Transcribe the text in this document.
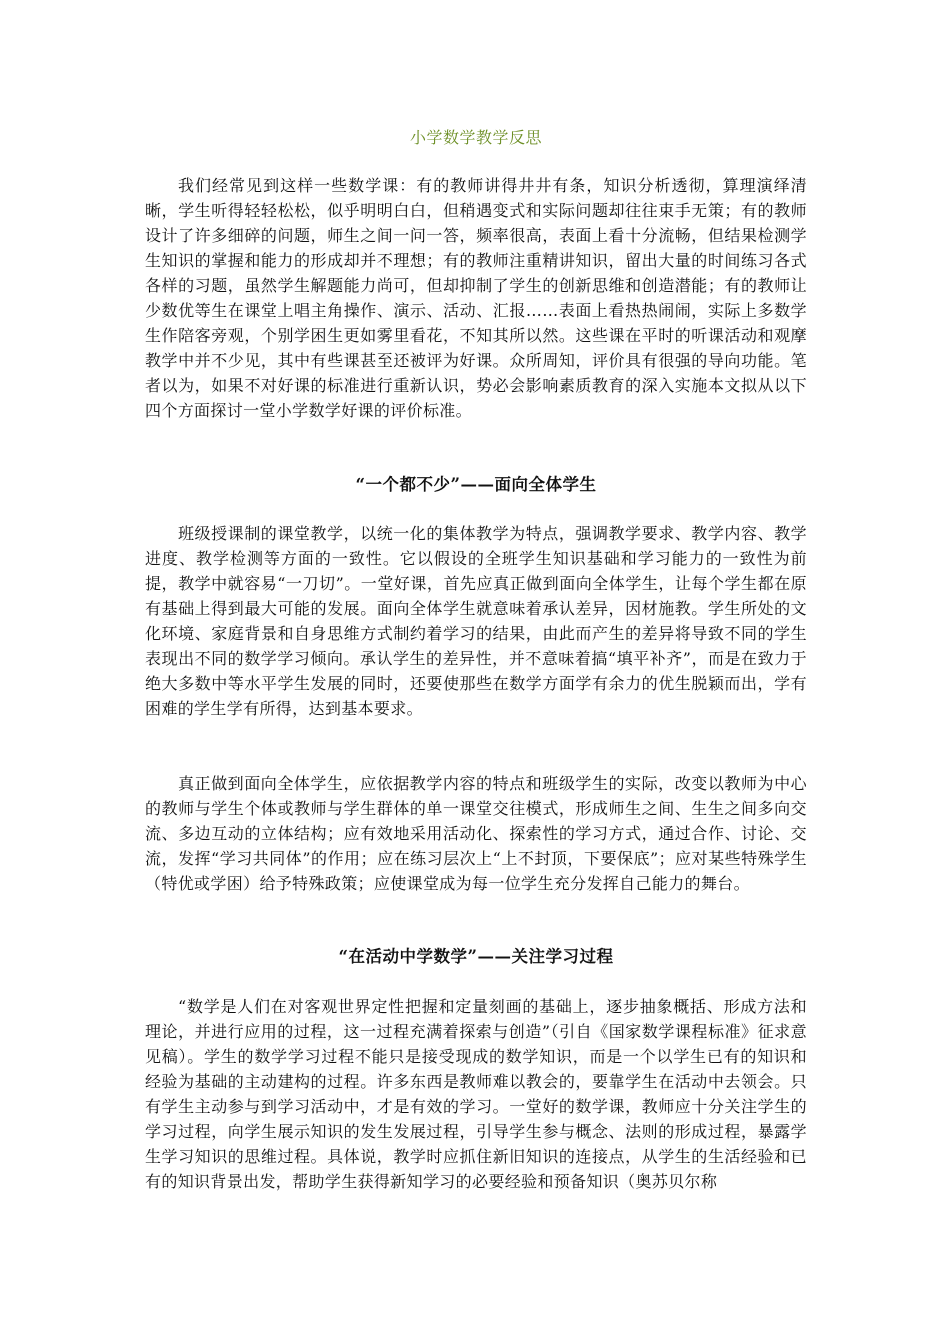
小学数学教学反思

我们经常见到这样一些数学课：有的教师讲得井井有条，知识分析透彻，算理演绎清晰，学生听得轻轻松松，似乎明明白白，但稍遇变式和实际问题却往往束手无策；有的教师设计了许多细碎的问题，师生之间一问一答，频率很高，表面上看十分流畅，但结果检测学生知识的掌握和能力的形成却并不理想；有的教师注重精讲知识，留出大量的时间练习各式各样的习题，虽然学生解题能力尚可，但却抑制了学生的创新思维和创造潜能；有的教师让少数优等生在课堂上唱主角操作、演示、活动、汇报……表面上看热热闹闹，实际上多数学生作陪客旁观，个别学困生更如雾里看花，不知其所以然。这些课在平时的听课活动和观摩教学中并不少见，其中有些课甚至还被评为好课。众所周知，评价具有很强的导向功能。笔者以为，如果不对好课的标准进行重新认识，势必会影响素质教育的深入实施本文拟从以下四个方面探讨一堂小学数学好课的评价标准。

“一个都不少”——面向全体学生

班级授课制的课堂教学，以统一化的集体教学为特点，强调教学要求、教学内容、教学进度、教学检测等方面的一致性。它以假设的全班学生知识基础和学习能力的一致性为前提，教学中就容易“一刀切”。一堂好课，首先应真正做到面向全体学生，让每个学生都在原有基础上得到最大可能的发展。面向全体学生就意味着承认差异，因材施教。学生所处的文化环境、家庭背景和自身思维方式制约着学习的结果，由此而产生的差异将导致不同的学生表现出不同的数学学习倾向。承认学生的差异性，并不意味着搞“填平补齐”，而是在致力于绝大多数中等水平学生发展的同时，还要使那些在数学方面学有余力的优生脱颖而出，学有困难的学生学有所得，达到基本要求。

真正做到面向全体学生，应依据教学内容的特点和班级学生的实际，改变以教师为中心的教师与学生个体或教师与学生群体的单一课堂交往模式，形成师生之间、生生之间多向交流、多边互动的立体结构；应有效地采用活动化、探索性的学习方式，通过合作、讨论、交流，发挥“学习共同体”的作用；应在练习层次上“上不封顶，下要保底”；应对某些特殊学生（特优或学困）给予特殊政策；应使课堂成为每一位学生充分发挥自己能力的舞台。

“在活动中学数学”——关注学习过程

“数学是人们在对客观世界定性把握和定量刻画的基础上，逐步抽象概括、形成方法和理论，并进行应用的过程，这一过程充满着探索与创造”（引自《国家数学课程标准》征求意见稿）。学生的数学学习过程不能只是接受现成的数学知识，而是一个以学生已有的知识和经验为基础的主动建构的过程。许多东西是教师难以教会的，要靠学生在活动中去领会。只有学生主动参与到学习活动中，才是有效的学习。一堂好的数学课，教师应十分关注学生的学习过程，向学生展示知识的发生发展过程，引导学生参与概念、法则的形成过程，暴露学生学习知识的思维过程。具体说，教学时应抓住新旧知识的连接点，从学生的生活经验和已有的知识背景出发，帮助学生获得新知学习的必要经验和预备知识（奥苏贝尔称
